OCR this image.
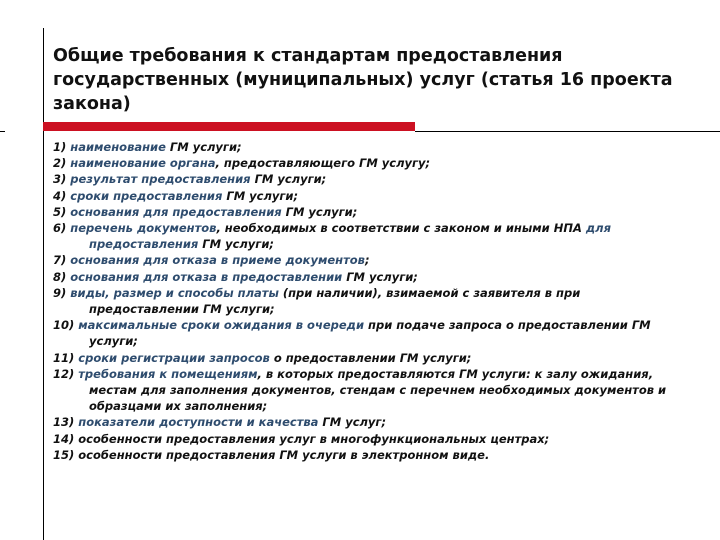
Общие требования к стандартам предоставления государственных (муниципальных) услуг (статья 16 проекта закона)
1) наименование ГМ услуги;
2) наименование органа, предоставляющего ГМ услугу;
3) результат предоставления ГМ услуги;
4) сроки предоставления ГМ услуги;
5) основания для предоставления ГМ услуги;
6) перечень документов, необходимых в соответствии с законом и иными НПА для предоставления ГМ услуги;
7) основания для отказа в приеме документов;
8) основания для отказа в предоставлении ГМ услуги;
9) виды, размер и способы платы (при наличии), взимаемой с заявителя в при предоставлении ГМ услуги;
10) максимальные сроки ожидания в очереди при подаче запроса о предоставлении ГМ услуги;
11) сроки регистрации запросов о предоставлении ГМ услуги;
12) требования к помещениям, в которых предоставляются ГМ услуги: к залу ожидания, местам для заполнения документов, стендам с перечнем необходимых документов и образцами их заполнения;
13) показатели доступности и качества ГМ услуг;
14) особенности предоставления услуг в многофункциональных центрах;
15) особенности предоставления ГМ услуги в электронном виде.
